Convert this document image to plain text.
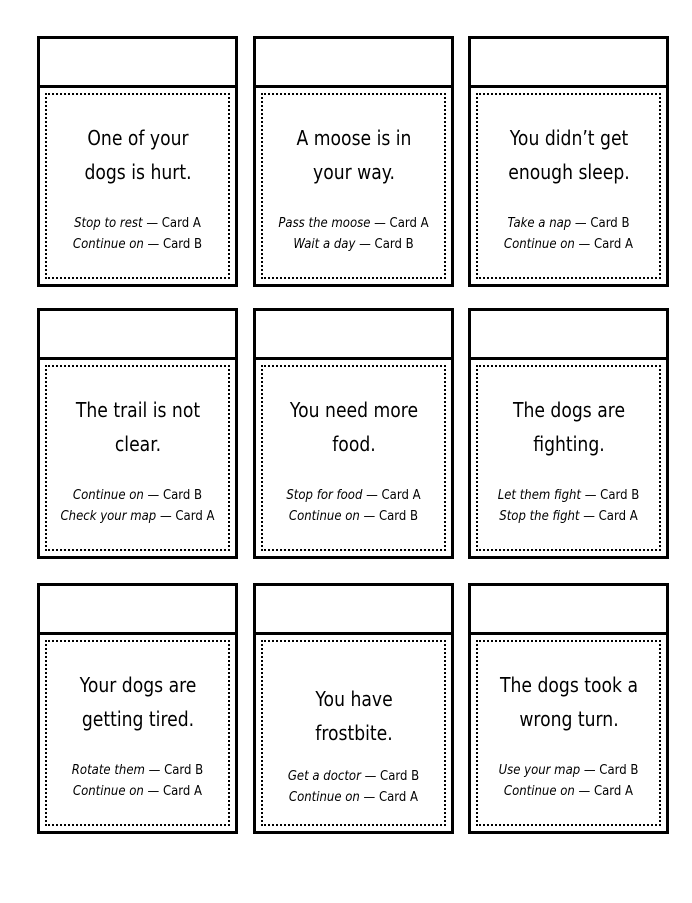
One of your dogs is hurt.
Stop to rest — Card A
Continue on — Card B
A moose is in your way.
Pass the moose — Card A
Wait a day — Card B
You didn’t get enough sleep.
Take a nap — Card B
Continue on — Card A
The trail is not clear.
Continue on — Card B
Check your map — Card A
You need more food.
Stop for food — Card A
Continue on — Card B
The dogs are fighting.
Let them fight — Card B
Stop the fight — Card A
Your dogs are getting tired.
Rotate them — Card B
Continue on — Card A
You have frostbite.
Get a doctor — Card B
Continue on — Card A
The dogs took a wrong turn.
Use your map — Card B
Continue on — Card A
